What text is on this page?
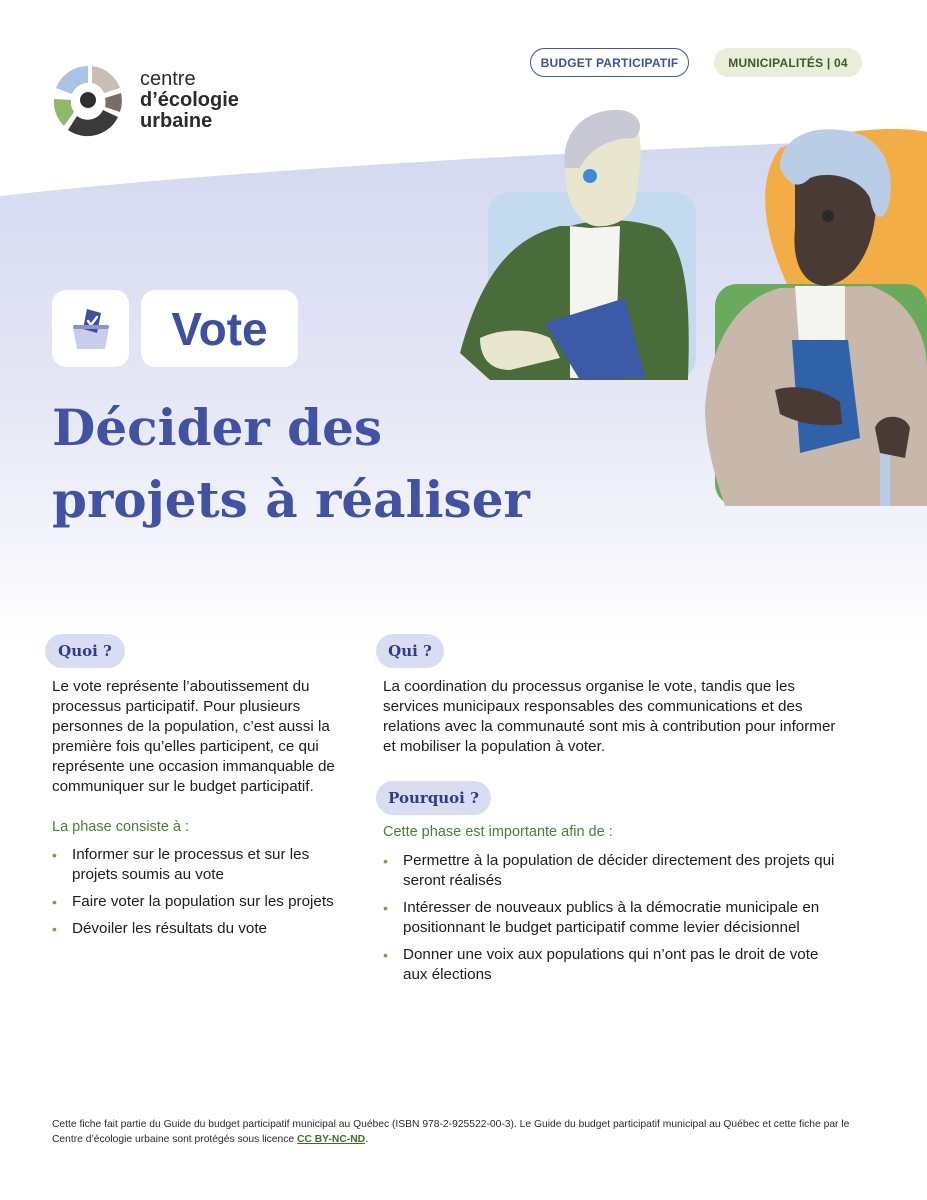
centre
d’écologie
urbaine
BUDGET PARTICIPATIF	MUNICIPALITÉS | 04
Vote
Décider des projets à réaliser
Quoi ?

Le vote représente l’aboutissement du processus participatif. Pour plusieurs personnes de la population, c’est aussi la première fois qu’elles participent, ce qui représente une occasion immanquable de communiquer sur le budget participatif.

La phase consiste à :

• Informer sur le processus et sur les projets soumis au vote
• Faire voter la population sur les projets
• Dévoiler les résultats du vote
Qui ?

La coordination du processus organise le vote, tandis que les services municipaux responsables des communications et des relations avec la communauté sont mis à contribution pour informer et mobiliser la population à voter.

Pourquoi ?

Cette phase est importante afin de :

• Permettre à la population de décider directement des projets qui seront réalisés
• Intéresser de nouveaux publics à la démocratie municipale en positionnant le budget participatif comme levier décisionnel
• Donner une voix aux populations qui n’ont pas le droit de vote aux élections

Cette fiche fait partie du Guide du budget participatif municipal au Québec (ISBN 978-2-925522-00-3). Le Guide du budget participatif municipal au Québec et cette fiche par le Centre d’écologie urbaine sont protégés sous licence CC BY-NC-ND.
